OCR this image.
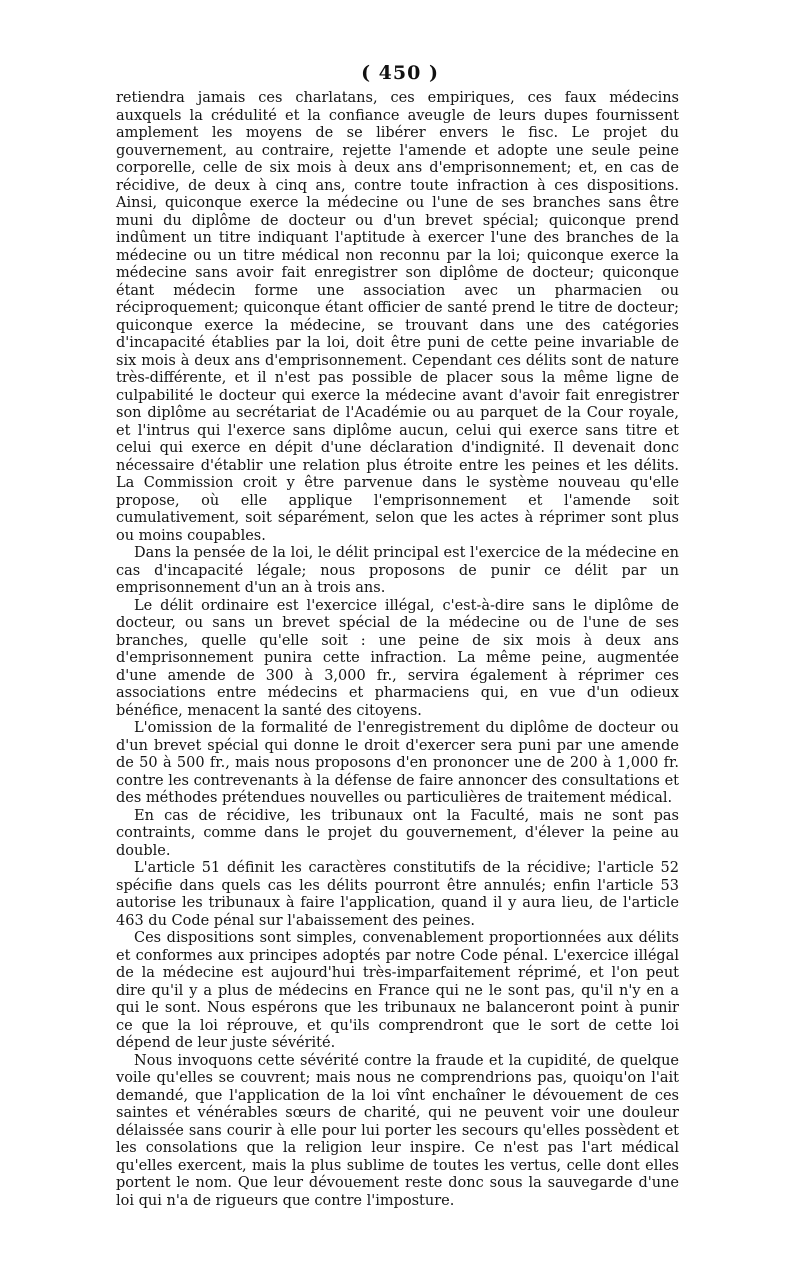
( 450 )

retiendra jamais ces charlatans, ces empiriques, ces faux médecins auxquels la crédulité et la confiance aveugle de leurs dupes fournissent amplement les moyens de se libérer envers le fisc. Le projet du gouvernement, au contraire, rejette l'amende et adopte une seule peine corporelle, celle de six mois à deux ans d'emprisonnement; et, en cas de récidive, de deux à cinq ans, contre toute infraction à ces dispositions. Ainsi, quiconque exerce la médecine ou l'une de ses branches sans être muni du diplôme de docteur ou d'un brevet spécial; quiconque prend indûment un titre indiquant l'aptitude à exercer l'une des branches de la médecine ou un titre médical non reconnu par la loi; quiconque exerce la médecine sans avoir fait enregistrer son diplôme de docteur; quiconque étant médecin forme une association avec un pharmacien ou réciproquement; quiconque étant officier de santé prend le titre de docteur; quiconque exerce la médecine, se trouvant dans une des catégories d'incapacité établies par la loi, doit être puni de cette peine invariable de six mois à deux ans d'emprisonnement. Cependant ces délits sont de nature très-différente, et il n'est pas possible de placer sous la même ligne de culpabilité le docteur qui exerce la médecine avant d'avoir fait enregistrer son diplôme au secrétariat de l'Académie ou au parquet de la Cour royale, et l'intrus qui l'exerce sans diplôme aucun, celui qui exerce sans titre et celui qui exerce en dépit d'une déclaration d'indignité. Il devenait donc nécessaire d'établir une relation plus étroite entre les peines et les délits. La Commission croit y être parvenue dans le système nouveau qu'elle propose, où elle applique l'emprisonnement et l'amende soit cumulativement, soit séparément, selon que les actes à réprimer sont plus ou moins coupables.

Dans la pensée de la loi, le délit principal est l'exercice de la médecine en cas d'incapacité légale; nous proposons de punir ce délit par un emprisonnement d'un an à trois ans.

Le délit ordinaire est l'exercice illégal, c'est-à-dire sans le diplôme de docteur, ou sans un brevet spécial de la médecine ou de l'une de ses branches, quelle qu'elle soit : une peine de six mois à deux ans d'emprisonnement punira cette infraction. La même peine, augmentée d'une amende de 300 à 3,000 fr., servira également à réprimer ces associations entre médecins et pharmaciens qui, en vue d'un odieux bénéfice, menacent la santé des citoyens.

L'omission de la formalité de l'enregistrement du diplôme de docteur ou d'un brevet spécial qui donne le droit d'exercer sera puni par une amende de 50 à 500 fr., mais nous proposons d'en prononcer une de 200 à 1,000 fr. contre les contrevenants à la défense de faire annoncer des consultations et des méthodes prétendues nouvelles ou particulières de traitement médical.

En cas de récidive, les tribunaux ont la Faculté, mais ne sont pas contraints, comme dans le projet du gouvernement, d'élever la peine au double.

L'article 51 définit les caractères constitutifs de la récidive; l'article 52 spécifie dans quels cas les délits pourront être annulés; enfin l'article 53 autorise les tribunaux à faire l'application, quand il y aura lieu, de l'article 463 du Code pénal sur l'abaissement des peines.

Ces dispositions sont simples, convenablement proportionnées aux délits et conformes aux principes adoptés par notre Code pénal. L'exercice illégal de la médecine est aujourd'hui très-imparfaitement réprimé, et l'on peut dire qu'il y a plus de médecins en France qui ne le sont pas, qu'il n'y en a qui le sont. Nous espérons que les tribunaux ne balanceront point à punir ce que la loi réprouve, et qu'ils comprendront que le sort de cette loi dépend de leur juste sévérité.

Nous invoquons cette sévérité contre la fraude et la cupidité, de quelque voile qu'elles se couvrent; mais nous ne comprendrions pas, quoiqu'on l'ait demandé, que l'application de la loi vînt enchaîner le dévouement de ces saintes et vénérables sœurs de charité, qui ne peuvent voir une douleur délaissée sans courir à elle pour lui porter les secours qu'elles possèdent et les consolations que la religion leur inspire. Ce n'est pas l'art médical qu'elles exercent, mais la plus sublime de toutes les vertus, celle dont elles portent le nom. Que leur dévouement reste donc sous la sauvegarde d'une loi qui n'a de rigueurs que contre l'imposture.
